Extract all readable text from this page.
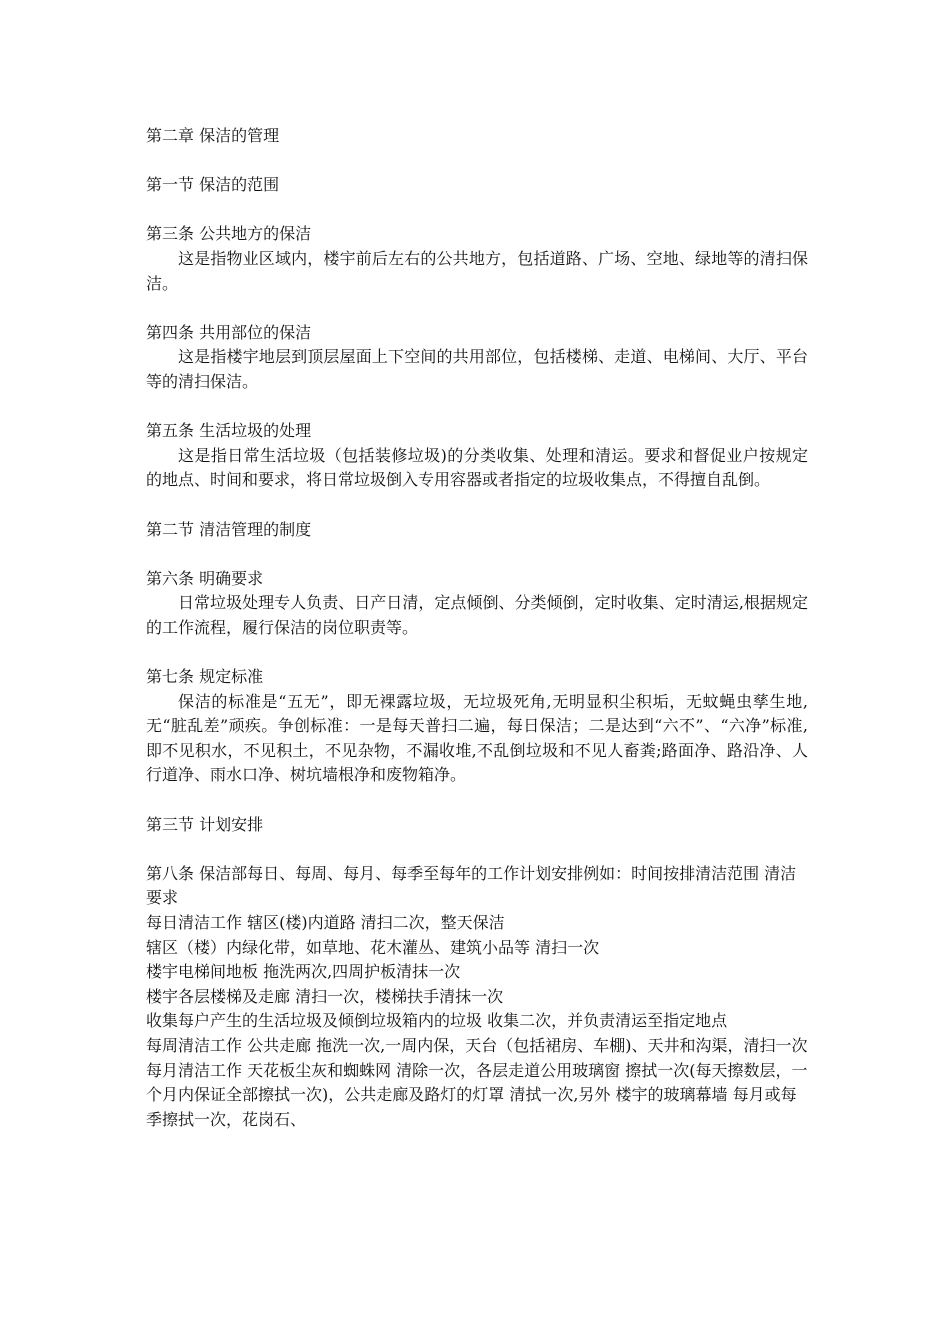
第二章 保洁的管理
第一节 保洁的范围
第三条 公共地方的保洁
这是指物业区域内，楼宇前后左右的公共地方，包括道路、广场、空地、绿地等的清扫保洁。
第四条 共用部位的保洁
这是指楼宇地层到顶层屋面上下空间的共用部位，包括楼梯、走道、电梯间、大厅、平台等的清扫保洁。
第五条 生活垃圾的处理
这是指日常生活垃圾（包括装修垃圾)的分类收集、处理和清运。要求和督促业户按规定的地点、时间和要求，将日常垃圾倒入专用容器或者指定的垃圾收集点，不得擅自乱倒。
第二节 清洁管理的制度
第六条 明确要求
日常垃圾处理专人负责、日产日清，定点倾倒、分类倾倒，定时收集、定时清运,根据规定的工作流程，履行保洁的岗位职责等。
第七条 规定标准
保洁的标准是“五无”，即无裸露垃圾，无垃圾死角,无明显积尘积垢，无蚊蝇虫孳生地,无“脏乱差”顽疾。争创标准：一是每天普扫二遍，每日保洁；二是达到“六不”、“六净”标准,即不见积水，不见积土，不见杂物，不漏收堆,不乱倒垃圾和不见人畜粪;路面净、路沿净、人行道净、雨水口净、树坑墙根净和废物箱净。
第三节 计划安排
第八条 保洁部每日、每周、每月、每季至每年的工作计划安排例如：时间按排清洁范围 清洁要求
每日清洁工作 辖区(楼)内道路 清扫二次，整天保洁
辖区（楼）内绿化带，如草地、花木灌丛、建筑小品等 清扫一次
楼宇电梯间地板 拖洗两次,四周护板清抹一次
楼宇各层楼梯及走廊 清扫一次，楼梯扶手清抹一次
收集每户产生的生活垃圾及倾倒垃圾箱内的垃圾 收集二次，并负责清运至指定地点
每周清洁工作 公共走廊 拖洗一次,一周内保，天台（包括裙房、车棚)、天井和沟渠，清扫一次每月清洁工作 天花板尘灰和蜘蛛网 清除一次，各层走道公用玻璃窗 擦拭一次(每天擦数层，一个月内保证全部擦拭一次)，公共走廊及路灯的灯罩 清拭一次,另外 楼宇的玻璃幕墙 每月或每季擦拭一次，花岗石、
